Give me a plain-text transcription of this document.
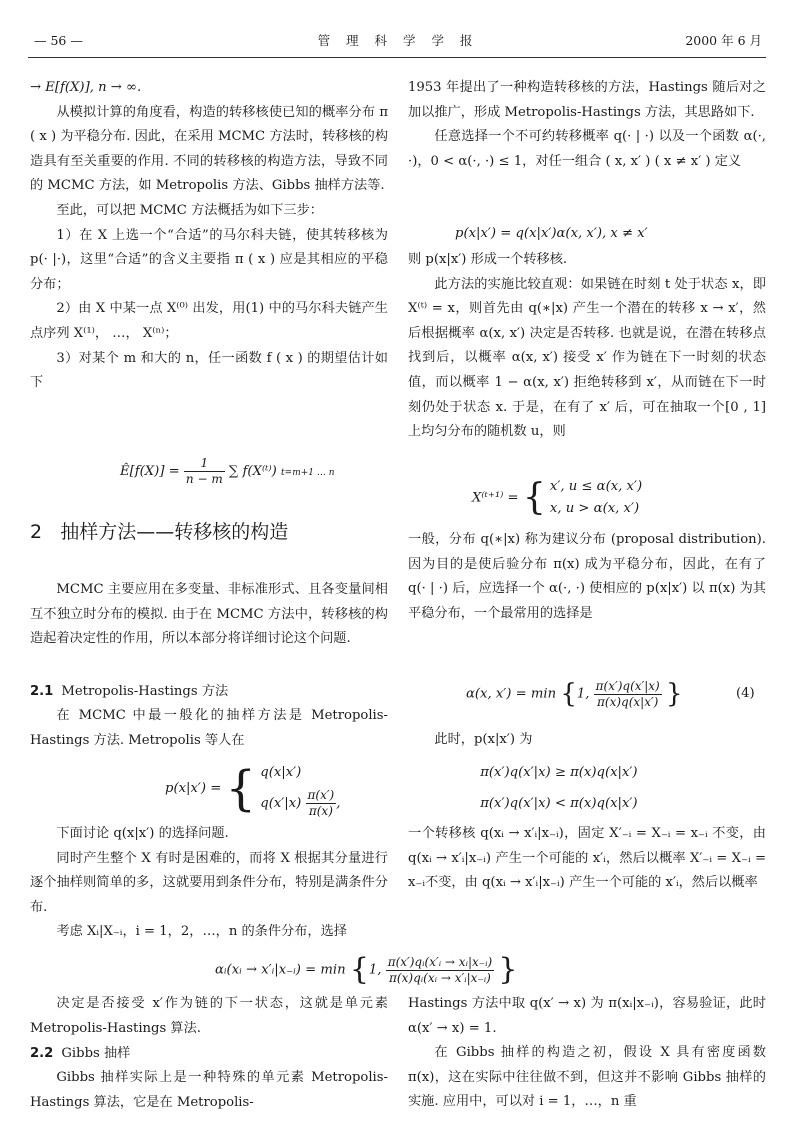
— 56 —	管 理 科 学 学 报	2000 年 6 月

→ E[f(X)], n → ∞.

从模拟计算的角度看，构造的转移核使已知的概率分布 π ( x ) 为平稳分布. 因此，在采用 MCMC 方法时，转移核的构造具有至关重要的作用. 不同的转移核的构造方法，导致不同的 MCMC 方法，如 Metropolis 方法、Gibbs 抽样方法等.

至此，可以把 MCMC 方法概括为如下三步：

1）在 X 上选一个“合适”的马尔科夫链，使其转移核为 p(· |·)，这里“合适”的含义主要指 π ( x ) 应是其相应的平稳分布；

2）由 X 中某一点 X⁽⁰⁾ 出发，用(1) 中的马尔科夫链产生点序列 X⁽¹⁾， …， X⁽ⁿ⁾；

3）对某个 m 和大的 n，任一函数 f ( x ) 的期望估计如下

Ê[f(X)] = $\frac{1}{n - m}$ ∑ f(X⁽ᵗ⁾) t=m+1 … n
2 抽样方法——转移核的构造

MCMC 主要应用在多变量、非标准形式、且各变量间相互不独立时分布的模拟. 由于在 MCMC 方法中，转移核的构造起着决定性的作用，所以本部分将详细讨论这个问题.

2.1 Metropolis-Hastings 方法

在 MCMC 中最一般化的抽样方法是 Metropolis-Hastings 方法. Metropolis 等人在

1953 年提出了一种构造转移核的方法，Hastings 随后对之加以推广，形成 Metropolis-Hastings 方法，其思路如下.

任意选择一个不可约转移概率 q(· | ·) 以及一个函数 α(·, ·)，0 < α(·, ·) ≤ 1，对任一组合 ( x, x′ ) ( x ≠ x′ ) 定义

p(x|x′) = q(x|x′)α(x, x′), x ≠ x′

则 p(x|x′) 形成一个转移核.

此方法的实施比较直观：如果链在时刻 t 处于状态 x，即 X⁽ᵗ⁾ = x，则首先由 q(∗|x) 产生一个潜在的转移 x → x′，然后根据概率 α(x, x′) 决定是否转移. 也就是说，在潜在转移点找到后，以概率 α(x, x′) 接受 x′ 作为链在下一时刻的状态值，而以概率 1 − α(x, x′) 拒绝转移到 x′，从而链在下一时刻仍处于状态 x. 于是，在有了 x′ 后，可在抽取一个[0 , 1] 上均匀分布的随机数 u，则

X⁽ᵗ⁺¹⁾ = { x′, u ≤ α(x, x′)
x, u > α(x, x′)

一般，分布 q(∗|x) 称为建议分布 (proposal distribution). 因为目的是使后验分布 π(x) 成为平稳分布，因此，在有了 q(· | ·) 后，应选择一个 α(·, ·) 使相应的 p(x|x′) 以 π(x) 为其平稳分布，一个最常用的选择是

α(x, x′) = min {1, $\frac{\pi(x')q(x'|x)}{\pi(x)q(x|x')}$ }	(4)

此时，p(x|x′) 为

p(x|x′) = { q(x|x′)	π(x′)q(x′|x) ≥ π(x)q(x|x′)
$q(x'|x) \frac{\pi(x')}{\pi(x)}$ ,	π(x′)q(x′|x) < π(x)q(x|x′)

下面讨论 q(x|x′) 的选择问题.

同时产生整个 X 有时是困难的，而将 X 根据其分量进行逐个抽样则简单的多，这就要用到条件分布，特别是满条件分布.

考虑 Xᵢ|X₋ᵢ，i = 1，2，…，n 的条件分布，选择

一个转移核 q(xᵢ → x′ᵢ|x₋ᵢ)，固定 X′₋ᵢ = X₋ᵢ = x₋ᵢ 不变，由 q(xᵢ → x′ᵢ|x₋ᵢ) 产生一个可能的 x′ᵢ，然后以概率 X′₋ᵢ = X₋ᵢ = x₋ᵢ不变，由 q(xᵢ → x′ᵢ|x₋ᵢ) 产生一个可能的 x′ᵢ，然后以概率

αᵢ(xᵢ → x′ᵢ|x₋ᵢ) = min {1, $\frac{\text{π(x′)qᵢ(x′ᵢ → xᵢ|x₋ᵢ)}}{\text{π(x)qᵢ(xᵢ → x′ᵢ|x₋ᵢ)}}$ }

决定是否接受 x′作为链的下一状态，这就是单元素 Metropolis-Hastings 算法.

2.2 Gibbs 抽样

Gibbs 抽样实际上是一种特殊的单元素 Metropolis-Hastings 算法，它是在 Metropolis-

Hastings 方法中取 q(x′ → x) 为 π(xᵢ|x₋ᵢ)，容易验证，此时 α(x′ → x) = 1.

在 Gibbs 抽样的构造之初，假设 X 具有密度函数 π(x)，这在实际中往往做不到，但这并不影响 Gibbs 抽样的实施. 应用中，可以对 i = 1，…，n 重
